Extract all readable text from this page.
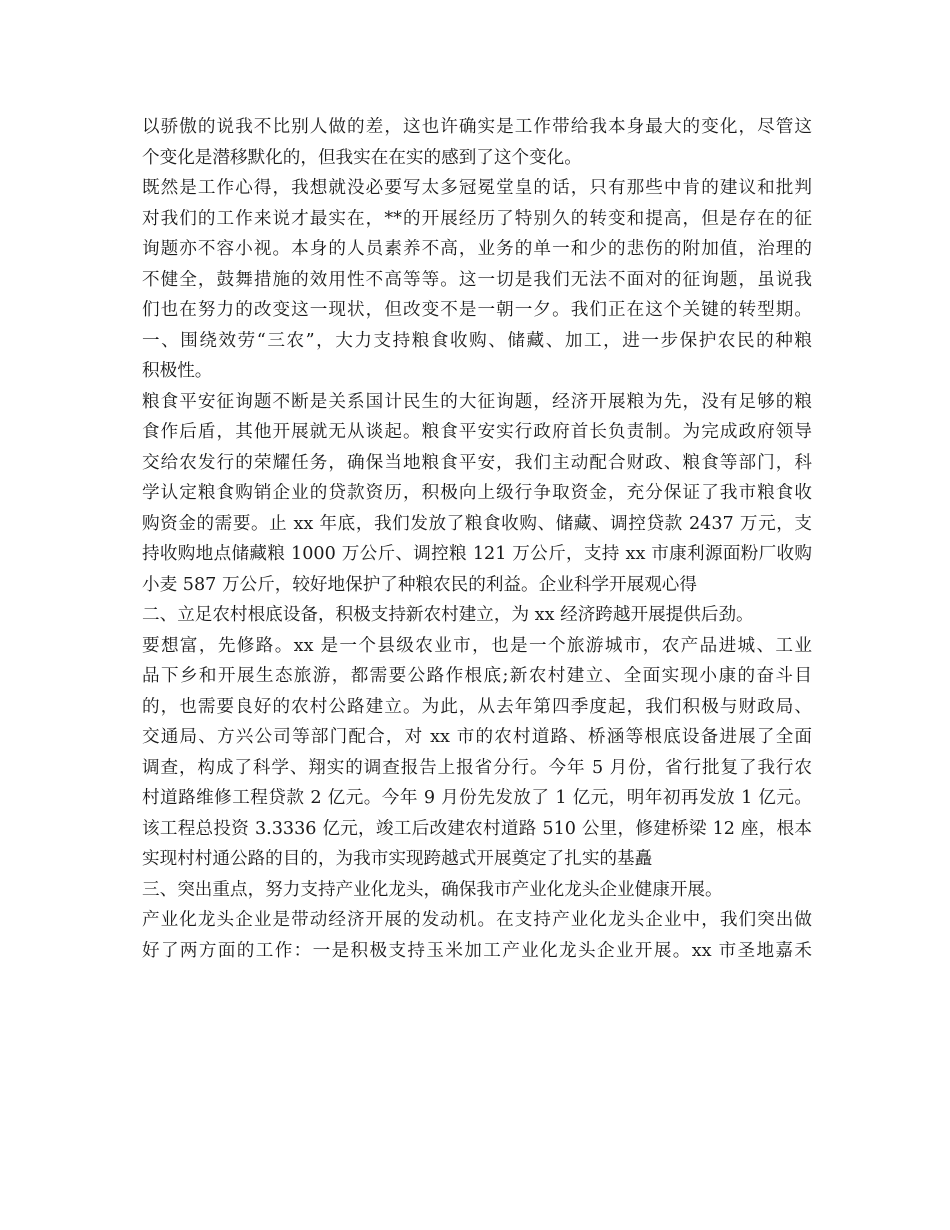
以骄傲的说我不比别人做的差，这也许确实是工作带给我本身最大的变化，尽管这
个变化是潜移默化的，但我实在在实的感到了这个变化。
既然是工作心得，我想就没必要写太多冠冕堂皇的话，只有那些中肯的建议和批判
对我们的工作来说才最实在，**的开展经历了特别久的转变和提高，但是存在的征
询题亦不容小视。本身的人员素养不高，业务的单一和少的悲伤的附加值，治理的
不健全，鼓舞措施的效用性不高等等。这一切是我们无法不面对的征询题，虽说我
们也在努力的改变这一现状，但改变不是一朝一夕。我们正在这个关键的转型期。
一、围绕效劳“三农”，大力支持粮食收购、储藏、加工，进一步保护农民的种粮
积极性。
粮食平安征询题不断是关系国计民生的大征询题，经济开展粮为先，没有足够的粮
食作后盾，其他开展就无从谈起。粮食平安实行政府首长负责制。为完成政府领导
交给农发行的荣耀任务，确保当地粮食平安，我们主动配合财政、粮食等部门，科
学认定粮食购销企业的贷款资历，积极向上级行争取资金，充分保证了我市粮食收
购资金的需要。止 xx 年底，我们发放了粮食收购、储藏、调控贷款 2437 万元，支
持收购地点储藏粮 1000 万公斤、调控粮 121 万公斤，支持 xx 市康利源面粉厂收购
小麦 587 万公斤，较好地保护了种粮农民的利益。企业科学开展观心得
二、立足农村根底设备，积极支持新农村建立，为 xx 经济跨越开展提供后劲。
要想富，先修路。xx 是一个县级农业市，也是一个旅游城市，农产品进城、工业
品下乡和开展生态旅游，都需要公路作根底;新农村建立、全面实现小康的奋斗目
的，也需要良好的农村公路建立。为此，从去年第四季度起，我们积极与财政局、
交通局、方兴公司等部门配合，对 xx 市的农村道路、桥涵等根底设备进展了全面
调查，构成了科学、翔实的调查报告上报省分行。今年 5 月份，省行批复了我行农
村道路维修工程贷款 2 亿元。今年 9 月份先发放了 1 亿元，明年初再发放 1 亿元。
该工程总投资 3.3336 亿元，竣工后改建农村道路 510 公里，修建桥梁 12 座，根本
实现村村通公路的目的，为我市实现跨越式开展奠定了扎实的基矗
三、突出重点，努力支持产业化龙头，确保我市产业化龙头企业健康开展。
产业化龙头企业是带动经济开展的发动机。在支持产业化龙头企业中，我们突出做
好了两方面的工作：一是积极支持玉米加工产业化龙头企业开展。xx 市圣地嘉禾
